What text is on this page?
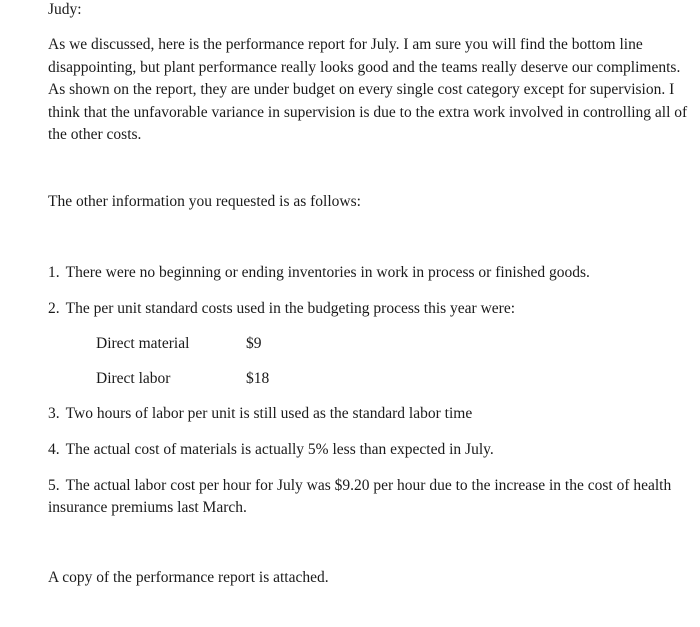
Judy:
As we discussed, here is the performance report for July. I am sure you will find the bottom line disappointing, but plant performance really looks good and the teams really deserve our compliments. As shown on the report, they are under budget on every single cost category except for supervision. I think that the unfavorable variance in supervision is due to the extra work involved in controlling all of the other costs.
The other information you requested is as follows:
1. There were no beginning or ending inventories in work in process or finished goods.
2. The per unit standard costs used in the budgeting process this year were:
Direct material	$9
Direct labor	$18
3. Two hours of labor per unit is still used as the standard labor time
4. The actual cost of materials is actually 5% less than expected in July.
5. The actual labor cost per hour for July was $9.20 per hour due to the increase in the cost of health insurance premiums last March.
A copy of the performance report is attached.
